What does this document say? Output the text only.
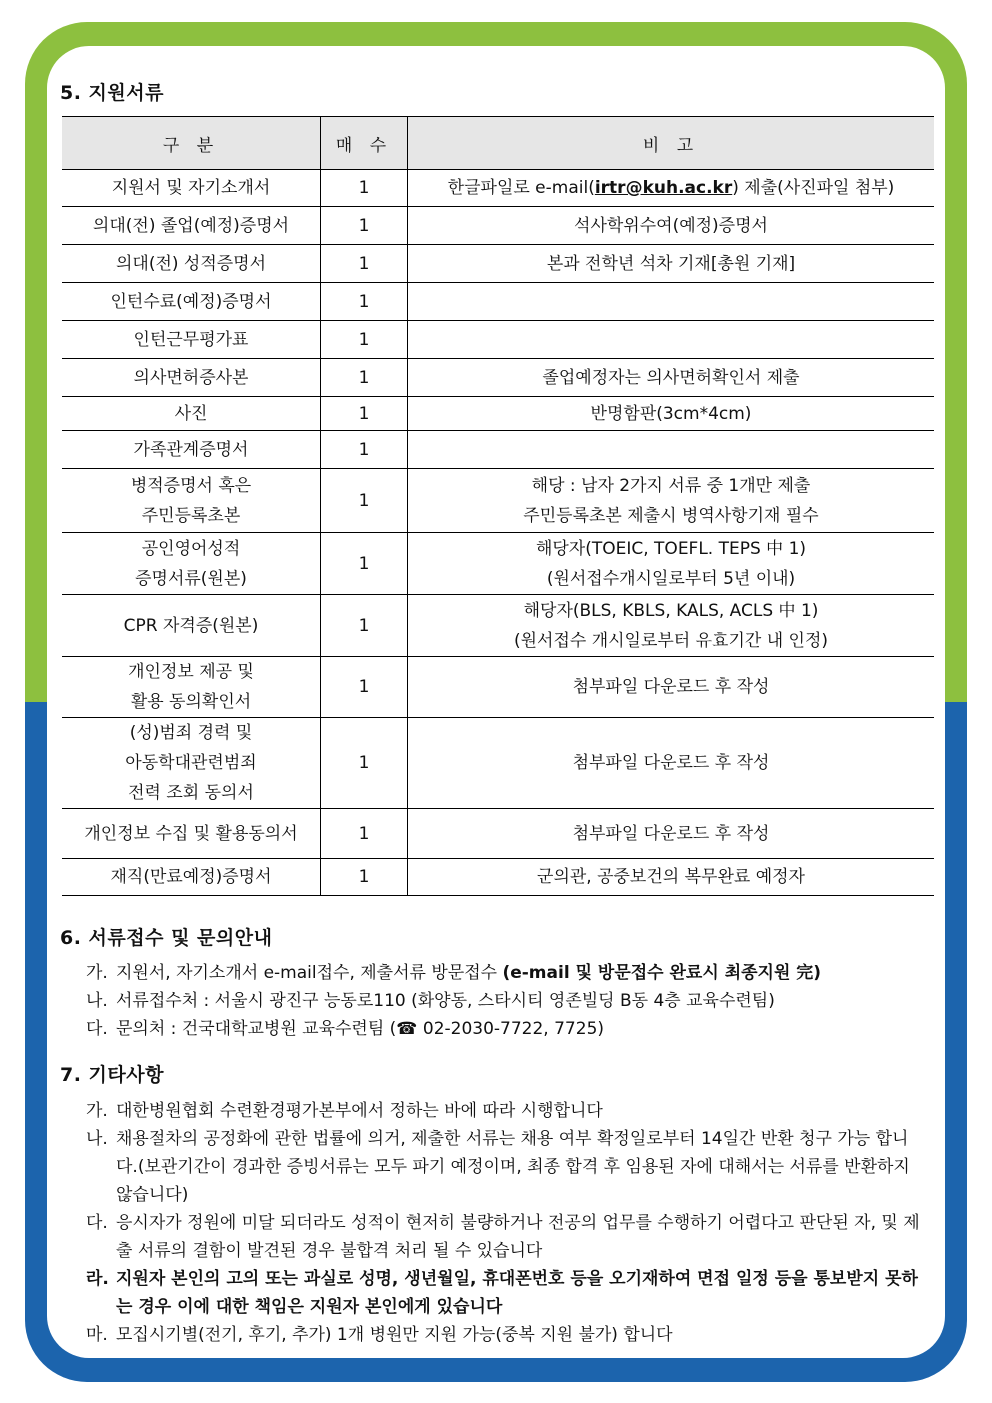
5. 지원서류
구 분	매 수	비 고

지원서 및 자기소개서	1	한글파일로 e-mail(irtr@kuh.ac.kr) 제출(사진파일 첨부)

의대(전) 졸업(예정)증명서	1	석사학위수여(예정)증명서

의대(전) 성적증명서	1	본과 전학년 석차 기재[총원 기재]

인턴수료(예정)증명서	1	

인턴근무평가표	1	

의사면허증사본	1	졸업예정자는 의사면허확인서 제출

사진	1	반명함판(3cm*4cm)

가족관계증명서	1	

병적증명서 혹은
주민등록초본	1	해당 : 남자 2가지 서류 중 1개만 제출
주민등록초본 제출시 병역사항기재 필수

공인영어성적
증명서류(원본)	1	해당자(TOEIC, TOEFL. TEPS 中 1)
(원서접수개시일로부터 5년 이내)

CPR 자격증(원본)	1	해당자(BLS, KBLS, KALS, ACLS 中 1)
(원서접수 개시일로부터 유효기간 내 인정)

개인정보 제공 및
활용 동의확인서	1	첨부파일 다운로드 후 작성

(성)범죄 경력 및
아동학대관련범죄
전력 조회 동의서	1	첨부파일 다운로드 후 작성

개인정보 수집 및 활용동의서	1	첨부파일 다운로드 후 작성

재직(만료예정)증명서	1	군의관, 공중보건의 복무완료 예정자
6. 서류접수 및 문의안내
가. 지원서, 자기소개서 e-mail접수, 제출서류 방문접수 (e-mail 및 방문접수 완료시 최종지원 完)
나. 서류접수처 : 서울시 광진구 능동로110 (화양동, 스타시티 영존빌딩 B동 4층 교육수련팀)
다. 문의처 : 건국대학교병원 교육수련팀 (☎ 02-2030-7722, 7725)
7. 기타사항
가. 대한병원협회 수련환경평가본부에서 정하는 바에 따라 시행합니다
나. 채용절차의 공정화에 관한 법률에 의거, 제출한 서류는 채용 여부 확정일로부터 14일간 반환 청구 가능 합니다.(보관기간이 경과한 증빙서류는 모두 파기 예정이며, 최종 합격 후 임용된 자에 대해서는 서류를 반환하지 않습니다)
다. 응시자가 정원에 미달 되더라도 성적이 현저히 불량하거나 전공의 업무를 수행하기 어렵다고 판단된 자, 및 제출 서류의 결함이 발견된 경우 불합격 처리 될 수 있습니다
라. 지원자 본인의 고의 또는 과실로 성명, 생년월일, 휴대폰번호 등을 오기재하여 면접 일정 등을 통보받지 못하는 경우 이에 대한 책임은 지원자 본인에게 있습니다
마. 모집시기별(전기, 후기, 추가) 1개 병원만 지원 가능(중복 지원 불가) 합니다
